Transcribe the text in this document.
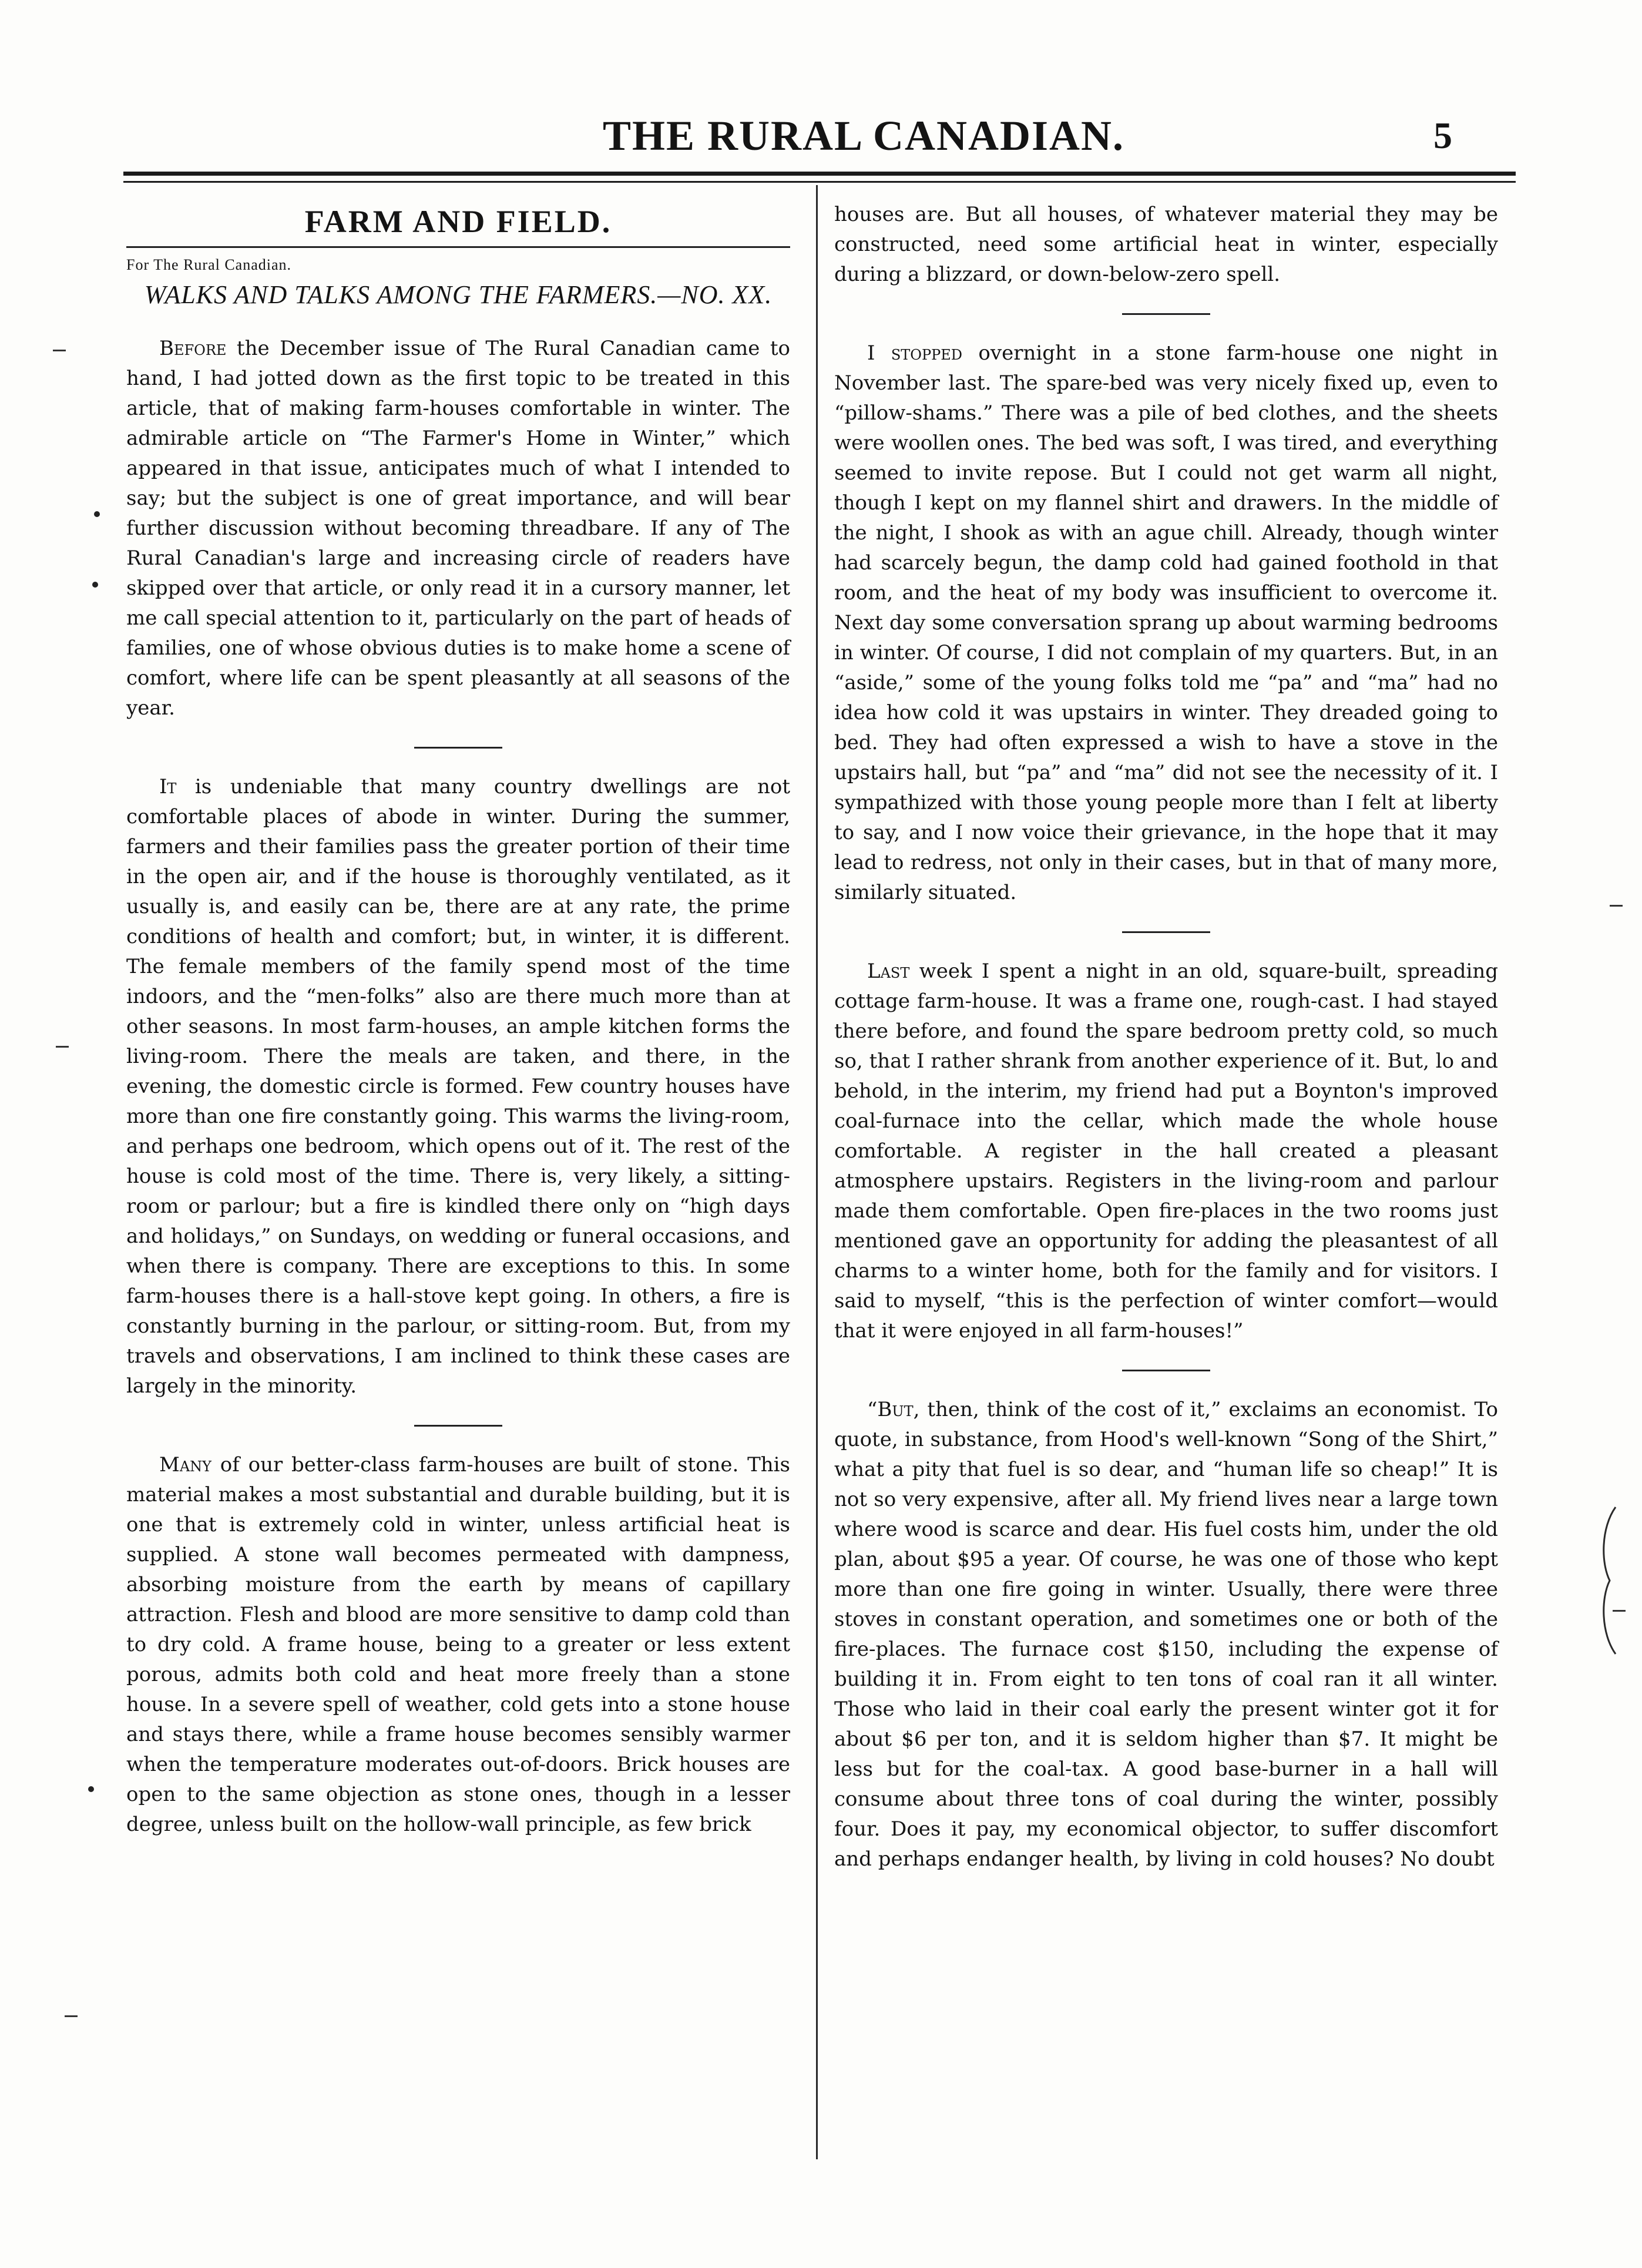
THE RURAL CANADIAN.	5
FARM AND FIELD.
For The Rural Canadian.
WALKS AND TALKS AMONG THE FARMERS.—NO. XX.

Before the December issue of The Rural Canadian came to hand, I had jotted down as the first topic to be treated in this article, that of making farm-houses comfortable in winter. The admirable article on “The Farmer's Home in Winter,” which appeared in that issue, anticipates much of what I intended to say; but the subject is one of great importance, and will bear further discussion without becoming threadbare. If any of The Rural Canadian's large and increasing circle of readers have skipped over that article, or only read it in a cursory manner, let me call special attention to it, particularly on the part of heads of families, one of whose obvious duties is to make home a scene of comfort, where life can be spent pleasantly at all seasons of the year.

It is undeniable that many country dwellings are not comfortable places of abode in winter. During the summer, farmers and their families pass the greater portion of their time in the open air, and if the house is thoroughly ventilated, as it usually is, and easily can be, there are at any rate, the prime conditions of health and comfort; but, in winter, it is different. The female members of the family spend most of the time indoors, and the “men-folks” also are there much more than at other seasons. In most farm-houses, an ample kitchen forms the living-room. There the meals are taken, and there, in the evening, the domestic circle is formed. Few country houses have more than one fire constantly going. This warms the living-room, and perhaps one bedroom, which opens out of it. The rest of the house is cold most of the time. There is, very likely, a sitting-room or parlour; but a fire is kindled there only on “high days and holidays,” on Sundays, on wedding or funeral occasions, and when there is company. There are exceptions to this. In some farm-houses there is a hall-stove kept going. In others, a fire is constantly burning in the parlour, or sitting-room. But, from my travels and observations, I am inclined to think these cases are largely in the minority.

Many of our better-class farm-houses are built of stone. This material makes a most substantial and durable building, but it is one that is extremely cold in winter, unless artificial heat is supplied. A stone wall becomes permeated with dampness, absorbing moisture from the earth by means of capillary attraction. Flesh and blood are more sensitive to damp cold than to dry cold. A frame house, being to a greater or less extent porous, admits both cold and heat more freely than a stone house. In a severe spell of weather, cold gets into a stone house and stays there, while a frame house becomes sensibly warmer when the temperature moderates out-of-doors. Brick houses are open to the same objection as stone ones, though in a lesser degree, unless built on the hollow-wall principle, as few brick

houses are. But all houses, of whatever material they may be constructed, need some artificial heat in winter, especially during a blizzard, or down-below-zero spell.

I stopped overnight in a stone farm-house one night in November last. The spare-bed was very nicely fixed up, even to “pillow-shams.” There was a pile of bed clothes, and the sheets were woollen ones. The bed was soft, I was tired, and everything seemed to invite repose. But I could not get warm all night, though I kept on my flannel shirt and drawers. In the middle of the night, I shook as with an ague chill. Already, though winter had scarcely begun, the damp cold had gained foothold in that room, and the heat of my body was insufficient to overcome it. Next day some conversation sprang up about warming bedrooms in winter. Of course, I did not complain of my quarters. But, in an “aside,” some of the young folks told me “pa” and “ma” had no idea how cold it was upstairs in winter. They dreaded going to bed. They had often expressed a wish to have a stove in the upstairs hall, but “pa” and “ma” did not see the necessity of it. I sympathized with those young people more than I felt at liberty to say, and I now voice their grievance, in the hope that it may lead to redress, not only in their cases, but in that of many more, similarly situated.

Last week I spent a night in an old, square-built, spreading cottage farm-house. It was a frame one, rough-cast. I had stayed there before, and found the spare bedroom pretty cold, so much so, that I rather shrank from another experience of it. But, lo and behold, in the interim, my friend had put a Boynton's improved coal-furnace into the cellar, which made the whole house comfortable. A register in the hall created a pleasant atmosphere upstairs. Registers in the living-room and parlour made them comfortable. Open fire-places in the two rooms just mentioned gave an opportunity for adding the pleasantest of all charms to a winter home, both for the family and for visitors. I said to myself, “this is the perfection of winter comfort—would that it were enjoyed in all farm-houses!”

“But, then, think of the cost of it,” exclaims an economist. To quote, in substance, from Hood's well-known “Song of the Shirt,” what a pity that fuel is so dear, and “human life so cheap!” It is not so very expensive, after all. My friend lives near a large town where wood is scarce and dear. His fuel costs him, under the old plan, about $95 a year. Of course, he was one of those who kept more than one fire going in winter. Usually, there were three stoves in constant operation, and sometimes one or both of the fire-places. The furnace cost $150, including the expense of building it in. From eight to ten tons of coal ran it all winter. Those who laid in their coal early the present winter got it for about $6 per ton, and it is seldom higher than $7. It might be less but for the coal-tax. A good base-burner in a hall will consume about three tons of coal during the winter, possibly four. Does it pay, my economical objector, to suffer discomfort and perhaps endanger health, by living in cold houses? No doubt
